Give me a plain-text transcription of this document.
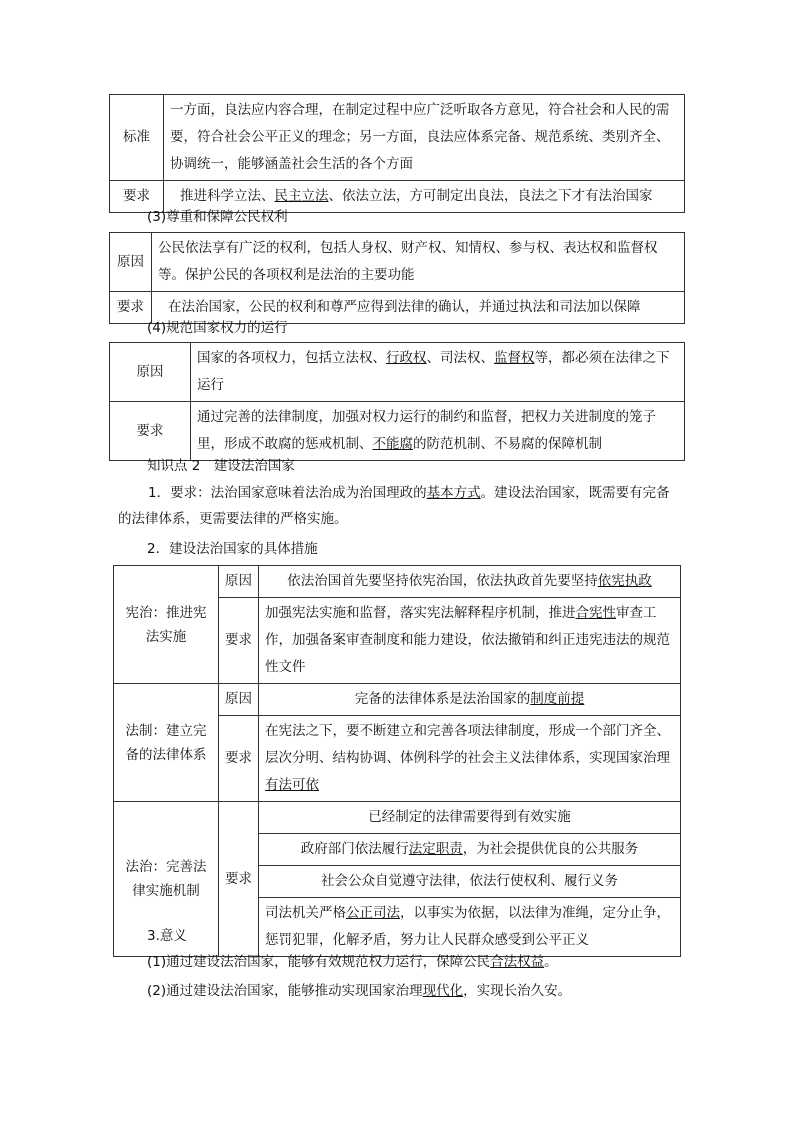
标准	一方面，良法应内容合理，在制定过程中应广泛听取各方意见，符合社会和人民的需要，符合社会公平正义的理念；另一方面，良法应体系完备、规范系统、类别齐全、协调统一，能够涵盖社会生活的各个方面
要求	推进科学立法、民主立法、依法立法，方可制定出良法，良法之下才有法治国家
(3)尊重和保障公民权利
原因	公民依法享有广泛的权利，包括人身权、财产权、知情权、参与权、表达权和监督权等。保护公民的各项权利是法治的主要功能
要求	在法治国家，公民的权利和尊严应得到法律的确认，并通过执法和司法加以保障
(4)规范国家权力的运行
原因	国家的各项权力，包括立法权、行政权、司法权、监督权等，都必须在法律之下运行
要求	通过完善的法律制度，加强对权力运行的制约和监督，把权力关进制度的笼子里，形成不敢腐的惩戒机制、不能腐的防范机制、不易腐的保障机制
知识点 2　建设法治国家
1．要求：法治国家意味着法治成为治国理政的基本方式。建设法治国家，既需要有完备的法律体系，更需要法律的严格实施。
2．建设法治国家的具体措施
宪治：推进宪法实施	原因	依法治国首先要坚持依宪治国，依法执政首先要坚持依宪执政
	要求	加强宪法实施和监督，落实宪法解释程序机制，推进合宪性审查工作，加强备案审查制度和能力建设，依法撤销和纠正违宪违法的规范性文件
法制：建立完备的法律体系	原因	完备的法律体系是法治国家的制度前提
	要求	在宪法之下，要不断建立和完善各项法律制度，形成一个部门齐全、层次分明、结构协调、体例科学的社会主义法律体系，实现国家治理有法可依
法治：完善法律实施机制	要求	已经制定的法律需要得到有效实施
		政府部门依法履行法定职责，为社会提供优良的公共服务
		社会公众自觉遵守法律，依法行使权利、履行义务
		司法机关严格公正司法，以事实为依据，以法律为准绳，定分止争，惩罚犯罪，化解矛盾，努力让人民群众感受到公平正义
3.意义
(1)通过建设法治国家，能够有效规范权力运行，保障公民合法权益。
(2)通过建设法治国家，能够推动实现国家治理现代化，实现长治久安。
